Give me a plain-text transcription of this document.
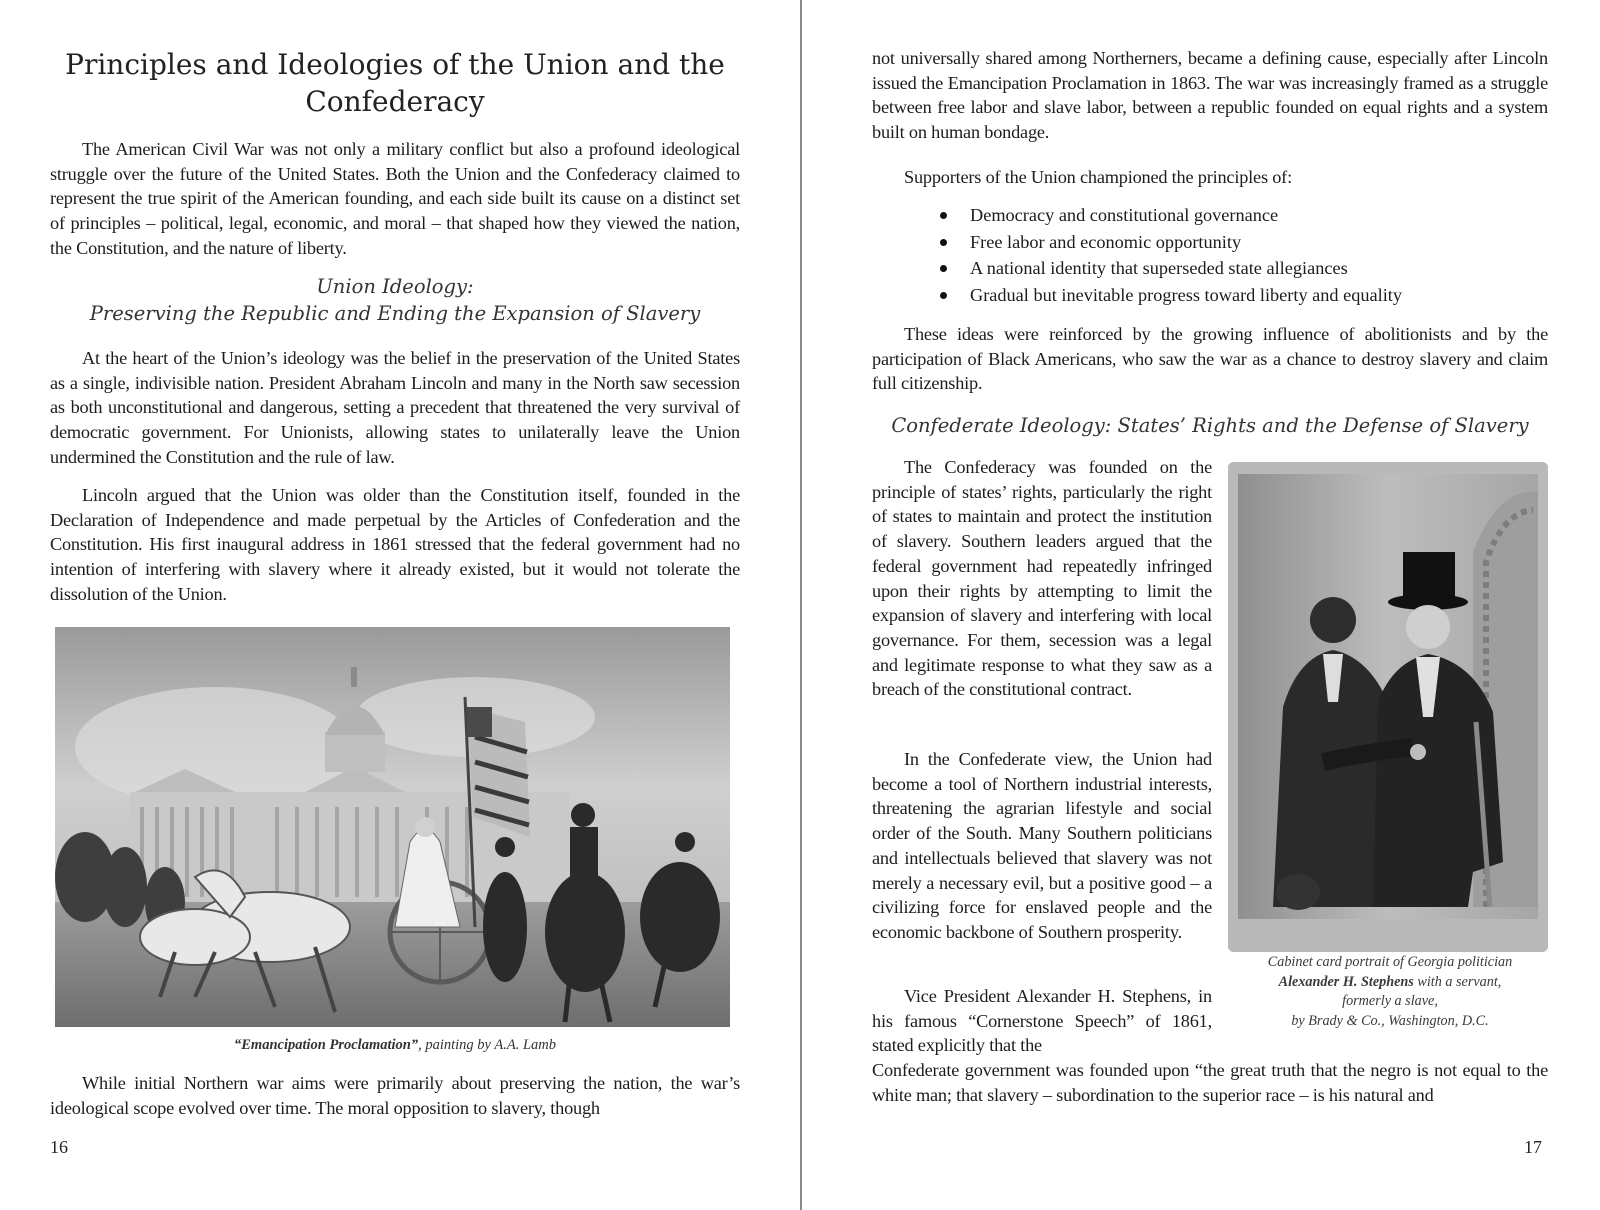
Principles and Ideologies of the Union and the Confederacy

The American Civil War was not only a military conflict but also a profound ideological struggle over the future of the United States. Both the Union and the Confederacy claimed to represent the true spirit of the American founding, and each side built its cause on a distinct set of principles – political, legal, economic, and moral – that shaped how they viewed the nation, the Constitution, and the nature of liberty.

Union Ideology:
Preserving the Republic and Ending the Expansion of Slavery

At the heart of the Union’s ideology was the belief in the preservation of the United States as a single, indivisible nation. President Abraham Lincoln and many in the North saw secession as both unconstitutional and dangerous, setting a precedent that threatened the very survival of democratic government. For Unionists, allowing states to unilaterally leave the Union undermined the Constitution and the rule of law.

Lincoln argued that the Union was older than the Constitution itself, founded in the Declaration of Independence and made perpetual by the Articles of Confederation and the Constitution. His first inaugural address in 1861 stressed that the federal government had no intention of interfering with slavery where it already existed, but it would not tolerate the dissolution of the Union.

“Emancipation Proclamation”, painting by A.A. Lamb

While initial Northern war aims were primarily about preserving the nation, the war’s ideological scope evolved over time. The moral opposition to slavery, though

16

not universally shared among Northerners, became a defining cause, especially after Lincoln issued the Emancipation Proclamation in 1863. The war was increasingly framed as a struggle between free labor and slave labor, between a republic founded on equal rights and a system built on human bondage.

Supporters of the Union championed the principles of:

Democracy and constitutional governance
Free labor and economic opportunity
A national identity that superseded state allegiances
Gradual but inevitable progress toward liberty and equality

These ideas were reinforced by the growing influence of abolitionists and by the participation of Black Americans, who saw the war as a chance to destroy slavery and claim full citizenship.

Confederate Ideology: States’ Rights and the Defense of Slavery

The Confederacy was founded on the principle of states’ rights, particularly the right of states to maintain and protect the institution of slavery. Southern leaders argued that the federal government had repeatedly infringed upon their rights by attempting to limit the expansion of slavery and interfering with local governance. For them, secession was a legal and legitimate response to what they saw as a breach of the constitutional contract.

In the Confederate view, the Union had become a tool of Northern industrial interests, threatening the agrarian lifestyle and social order of the South. Many Southern politicians and intellectuals believed that slavery was not merely a necessary evil, but a positive good – a civilizing force for enslaved people and the economic backbone of Southern prosperity.

Vice President Alexander H. Stephens, in his famous “Cornerstone Speech” of 1861, stated explicitly that the

Confederate government was founded upon “the great truth that the negro is not equal to the white man; that slavery – subordination to the superior race – is his natural and

Cabinet card portrait of Georgia politician
Alexander H. Stephens with a servant,
formerly a slave,
by Brady & Co., Washington, D.C.

17
